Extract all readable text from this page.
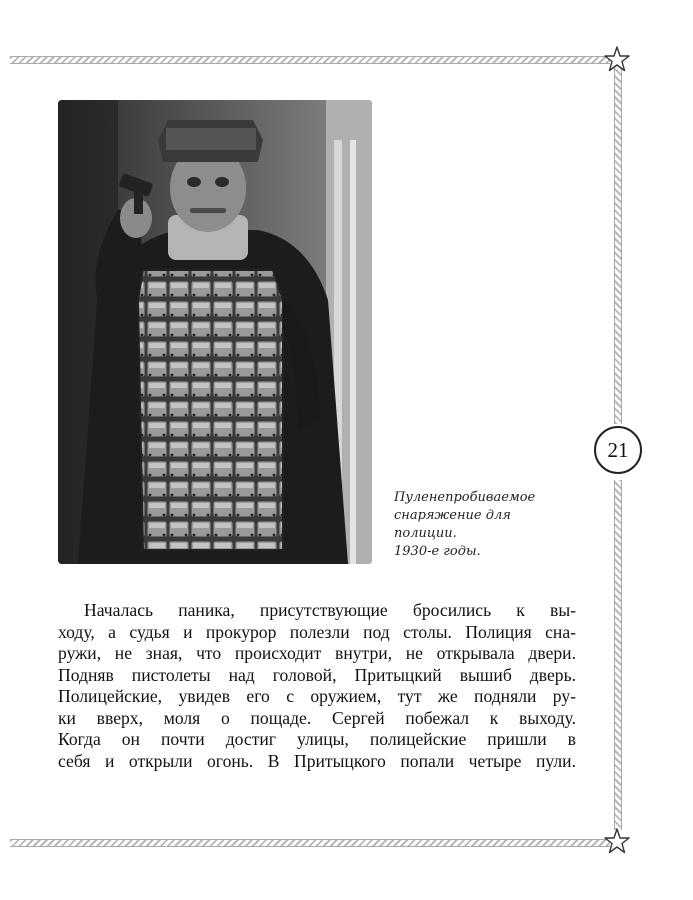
21
Пуленепробиваемое
снаряжение для
полиции.
1930-е годы.
Началась паника, присутствующие бросились к вы-
ходу, а судья и прокурор полезли под столы. Полиция сна-
ружи, не зная, что происходит внутри, не открывала двери.
Подняв пистолеты над головой, Притыцкий вышиб дверь.
Полицейские, увидев его с оружием, тут же подняли ру-
ки вверх, моля о пощаде. Сергей побежал к выходу.
Когда он почти достиг улицы, полицейские пришли в
себя и открыли огонь. В Притыцкого попали четыре пули.
